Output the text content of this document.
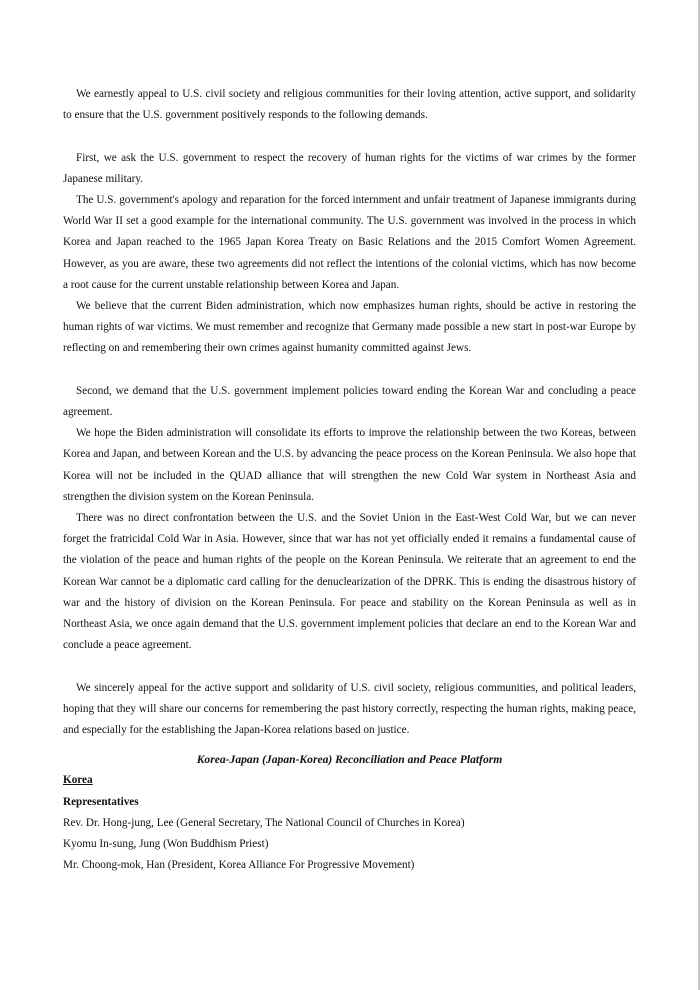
We earnestly appeal to U.S. civil society and religious communities for their loving attention, active support, and solidarity to ensure that the U.S. government positively responds to the following demands.

First, we ask the U.S. government to respect the recovery of human rights for the victims of war crimes by the former Japanese military.

The U.S. government's apology and reparation for the forced internment and unfair treatment of Japanese immigrants during World War II set a good example for the international community. The U.S. government was involved in the process in which Korea and Japan reached to the 1965 Japan Korea Treaty on Basic Relations and the 2015 Comfort Women Agreement. However, as you are aware, these two agreements did not reflect the intentions of the colonial victims, which has now become a root cause for the current unstable relationship between Korea and Japan.

We believe that the current Biden administration, which now emphasizes human rights, should be active in restoring the human rights of war victims. We must remember and recognize that Germany made possible a new start in post-war Europe by reflecting on and remembering their own crimes against humanity committed against Jews.

Second, we demand that the U.S. government implement policies toward ending the Korean War and concluding a peace agreement.

We hope the Biden administration will consolidate its efforts to improve the relationship between the two Koreas, between Korea and Japan, and between Korean and the U.S. by advancing the peace process on the Korean Peninsula. We also hope that Korea will not be included in the QUAD alliance that will strengthen the new Cold War system in Northeast Asia and strengthen the division system on the Korean Peninsula.

There was no direct confrontation between the U.S. and the Soviet Union in the East-West Cold War, but we can never forget the fratricidal Cold War in Asia. However, since that war has not yet officially ended it remains a fundamental cause of the violation of the peace and human rights of the people on the Korean Peninsula. We reiterate that an agreement to end the Korean War cannot be a diplomatic card calling for the denuclearization of the DPRK. This is ending the disastrous history of war and the history of division on the Korean Peninsula. For peace and stability on the Korean Peninsula as well as in Northeast Asia, we once again demand that the U.S. government implement policies that declare an end to the Korean War and conclude a peace agreement.

We sincerely appeal for the active support and solidarity of U.S. civil society, religious communities, and political leaders, hoping that they will share our concerns for remembering the past history correctly, respecting the human rights, making peace, and especially for the establishing the Japan-Korea relations based on justice.

Korea-Japan (Japan-Korea) Reconciliation and Peace Platform
Korea
Representatives
Rev. Dr. Hong-jung, Lee (General Secretary, The National Council of Churches in Korea)
Kyomu In-sung, Jung (Won Buddhism Priest)
Mr. Choong-mok, Han (President, Korea Alliance For Progressive Movement)
